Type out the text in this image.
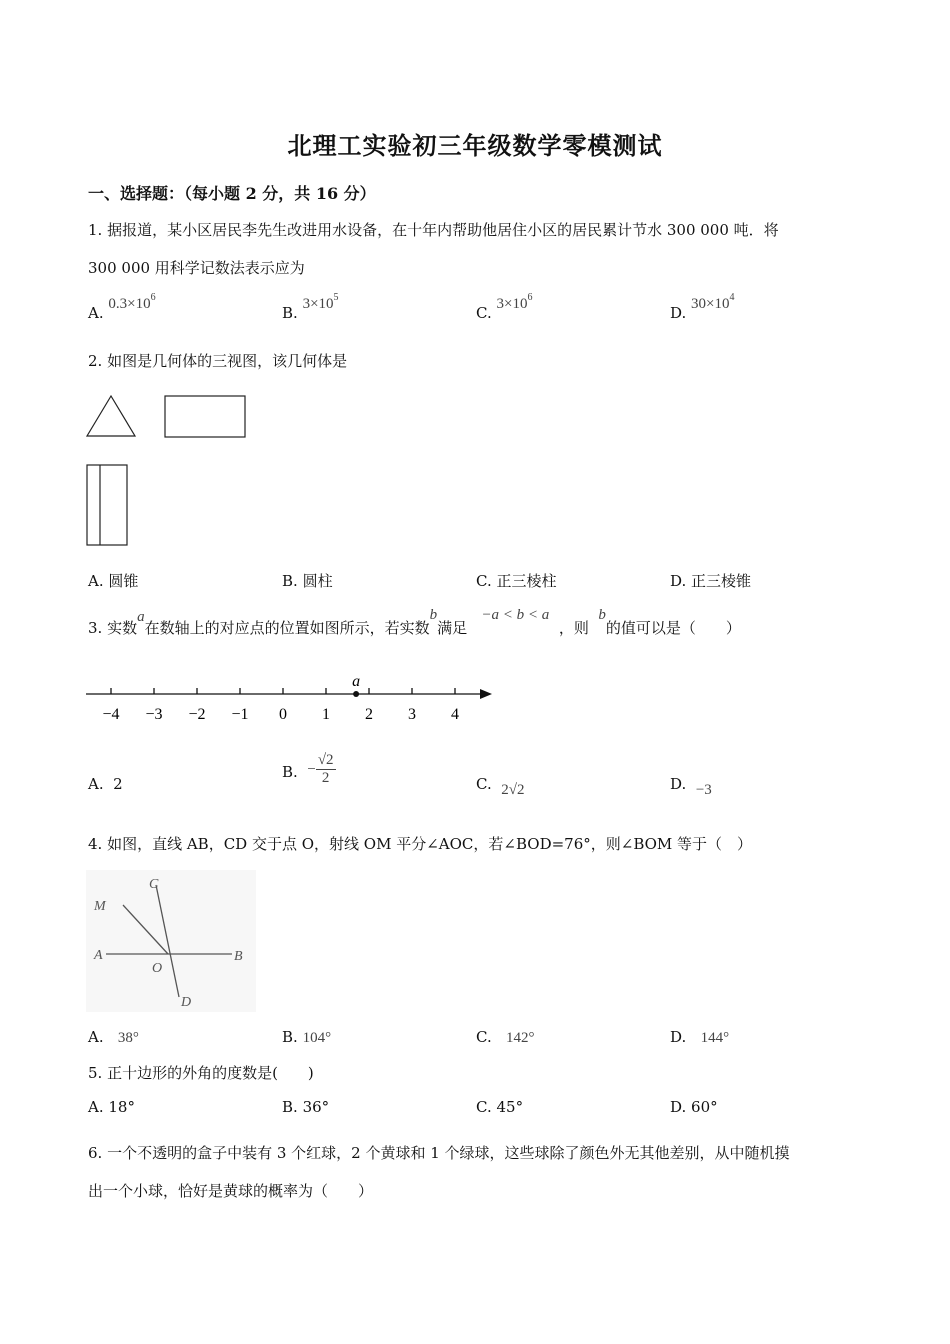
北理工实验初三年级数学零模测试
一、选择题：（每小题 2 分，共 16 分）
1. 据报道，某小区居民李先生改进用水设备，在十年内帮助他居住小区的居民累计节水 300 000 吨．将
300 000 用科学记数法表示应为
A. $0.3\times 10^6$
B. $3\times 10^5$
C. $3\times 10^6$
D. $30\times 10^4$
2. 如图是几何体的三视图，该几何体是
A. 圆锥	B. 圆柱	C. 正三棱柱	D. 正三棱锥
3. 实数a在数轴上的对应点的位置如图所示，若实数b满足   −a < b < a  ，则  b的值可以是（　　）
−4 −3 −2 −1 0 1 2 3 4
a
A. 2
B. − $\frac{√2}{2}$	C. 2√2	D. −3
4. 如图，直线 AB，CD 交于点 O，射线 OM 平分∠AOC，若∠BOD=76°，则∠BOM 等于（　）
A	B
C
D
M
O
A. 38°	B. 104°	C. 142°	D. 144°
5. 正十边形的外角的度数是(　　)
A. 18°	B. 36°	C. 45°	D. 60°
6. 一个不透明的盒子中装有 3 个红球，2 个黄球和 1 个绿球，这些球除了颜色外无其他差别，从中随机摸
出一个小球，恰好是黄球的概率为（　　）
